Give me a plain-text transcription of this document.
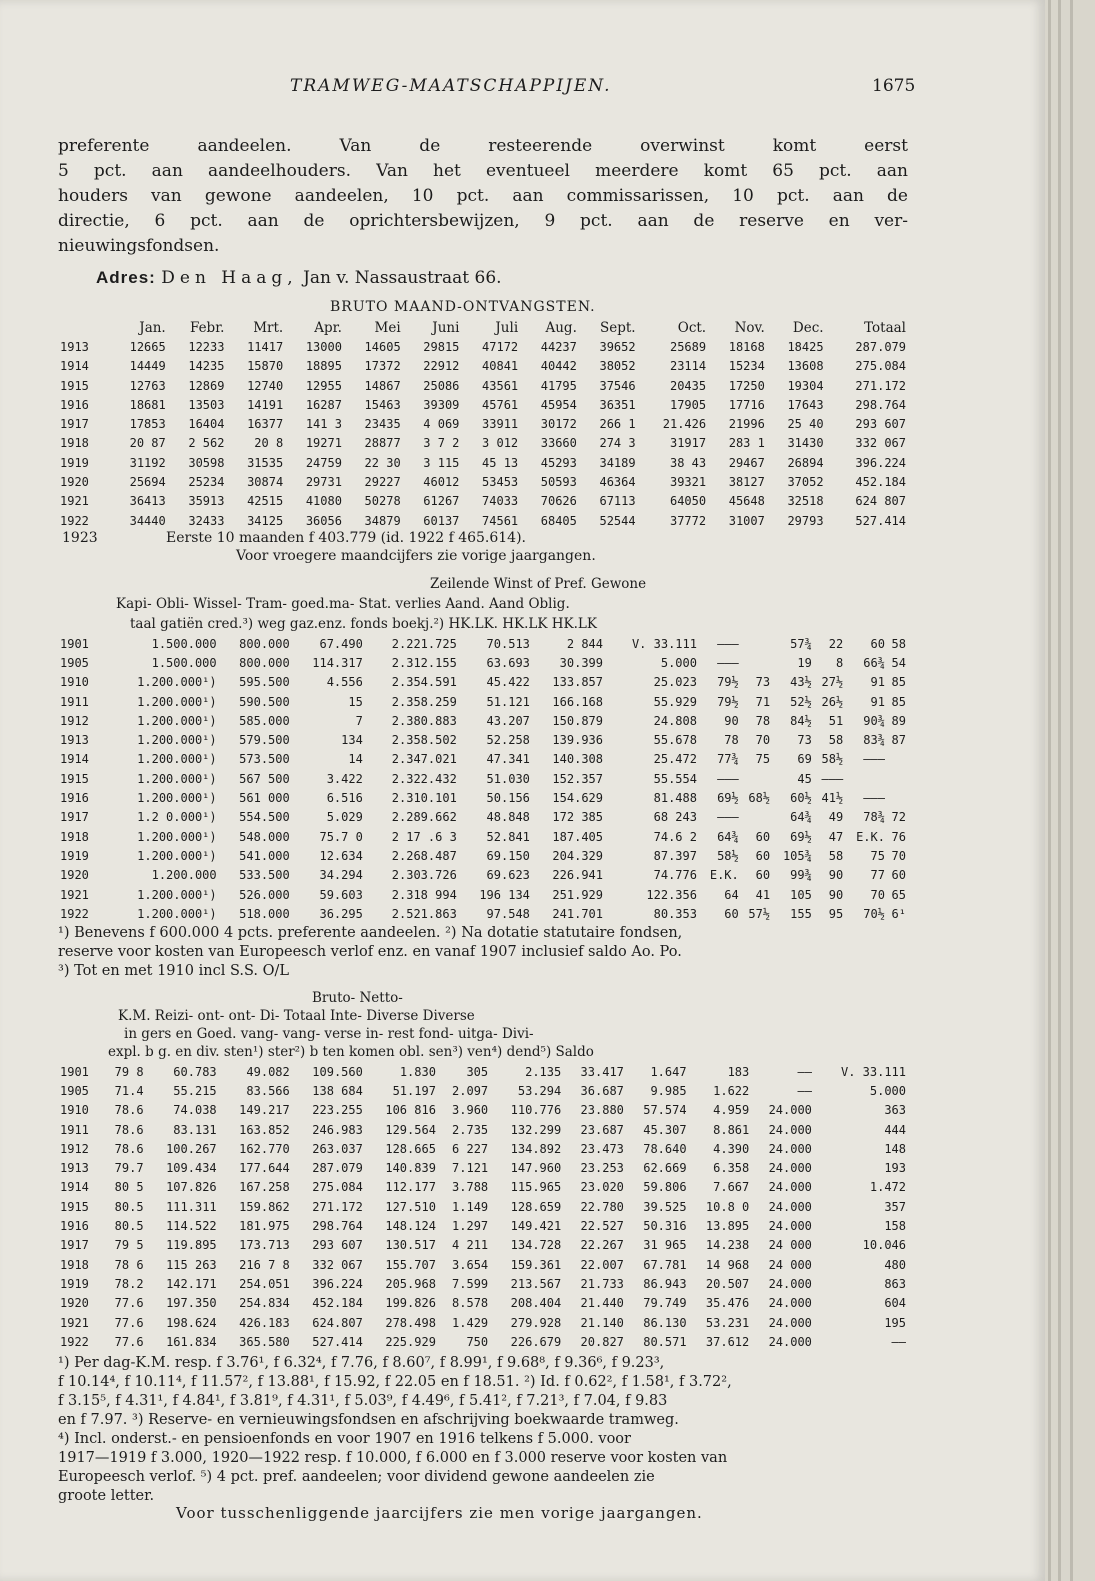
TRAMWEG-MAATSCHAPPIJEN.	1675
preferente aandeelen. Van de resteerende overwinst komt eerst
5 pct. aan aandeelhouders. Van het eventueel meerdere komt 65 pct. aan
houders van gewone aandeelen, 10 pct. aan commissarissen, 10 pct. aan de
directie, 6 pct. aan de oprichtersbewijzen, 9 pct. aan de reserve en ver-
nieuwingsfondsen.
Adres: Den Haag, Jan v. Nassaustraat 66.
BRUTO MAAND-ONTVANGSTEN.
	Jan.	Febr.	Mrt.	Apr.	Mei	Juni	Juli	Aug.	Sept.	Oct.	Nov.	Dec.	Totaal
1913	12665	12233	11417	13000	14605	29815	47172	44237	39652	25689	18168	18425	287.079
1914	14449	14235	15870	18895	17372	22912	40841	40442	38052	23114	15234	13608	275.084
1915	12763	12869	12740	12955	14867	25086	43561	41795	37546	20435	17250	19304	271.172
1916	18681	13503	14191	16287	15463	39309	45761	45954	36351	17905	17716	17643	298.764
1917	17853	16404	16377	141 3	23435	4 069	33911	30172	266 1	21.426	21996	25 40	293 607
1918	20 87	2 562	20 8	19271	28877	3 7 2	3 012	33660	274 3	31917	283 1	31430	332 067
1919	31192	30598	31535	24759	22 30	3 115	45 13	45293	34189	38 43	29467	26894	396.224
1920	25694	25234	30874	29731	29227	46012	53453	50593	46364	39321	38127	37052	452.184
1921	36413	35913	42515	41080	50278	61267	74033	70626	67113	64050	45648	32518	624 807
1922	34440	32433	34125	36056	34879	60137	74561	68405	52544	37772	31007	29793	527.414
1923	Eerste 10 maanden f 403.779 (id. 1922 f 465.614).
Voor vroegere maandcijfers zie vorige jaargangen.
Zeilende Winst of Pref. Gewone
Kapi- Obli- Wissel- Tram- goed.ma- Stat. verlies Aand. Aand Oblig.
taal gatiën cred.³) weg gaz.enz. fonds boekj.²) HK.LK. HK.LK HK.LK
1901	1.500.000	800.000	67.490	2.221.725	70.513	2 844	V. 33.111	———		57¾	22	60	58
1905	1.500.000	800.000	114.317	2.312.155	63.693	30.399	5.000	———		19	8	66¾	54
1910	1.200.000¹)	595.500	4.556	2.354.591	45.422	133.857	25.023	79½	73	43½	27½	91	85
1911	1.200.000¹)	590.500	15	2.358.259	51.121	166.168	55.929	79½	71	52½	26½	91	85
1912	1.200.000¹)	585.000	7	2.380.883	43.207	150.879	24.808	90	78	84½	51	90¾	89
1913	1.200.000¹)	579.500	134	2.358.502	52.258	139.936	55.678	78	70	73	58	83¾	87
1914	1.200.000¹)	573.500	14	2.347.021	47.341	140.308	25.472	77¾	75	69	58½	———	
1915	1.200.000¹)	567 500	3.422	2.322.432	51.030	152.357	55.554	———		45	———		
1916	1.200.000¹)	561 000	6.516	2.310.101	50.156	154.629	81.488	69½	68½	60½	41½	———	
1917	1.2 0.000¹)	554.500	5.029	2.289.662	48.848	172 385	68 243	———		64¾	49	78¾	72
1918	1.200.000¹)	548.000	75.7 0	2 17 .6 3	52.841	187.405	74.6 2	64¾	60	69½	47	E.K.	76
1919	1.200.000¹)	541.000	12.634	2.268.487	69.150	204.329	87.397	58½	60	105¾	58	75	70
1920	1.200.000	533.500	34.294	2.303.726	69.623	226.941	74.776	E.K.	60	99¾	90	77	60
1921	1.200.000¹)	526.000	59.603	2.318 994	196 134	251.929	122.356	64	41	105	90	70	65
1922	1.200.000¹)	518.000	36.295	2.521.863	97.548	241.701	80.353	60	57½	155	95	70½	6¹
¹) Benevens f 600.000 4 pcts. preferente aandeelen. ²) Na dotatie statutaire fondsen,
reserve voor kosten van Europeesch verlof enz. en vanaf 1907 inclusief saldo Ao. Po.
³) Tot en met 1910 incl S.S. O/L
Bruto- Netto-
K.M. Reizi- ont- ont- Di- Totaal Inte- Diverse Diverse
in gers en Goed. vang- vang- verse in- rest fond- uitga- Divi-
expl. b g. en div. sten¹) ster²) b ten komen obl. sen³) ven⁴) dend⁵) Saldo
1901	79 8	60.783	49.082	109.560	1.830	305	2.135	33.417	1.647	183	——	V. 33.111
1905	71.4	55.215	83.566	138 684	51.197	2.097	53.294	36.687	9.985	1.622	——	5.000
1910	78.6	74.038	149.217	223.255	106 816	3.960	110.776	23.880	57.574	4.959	24.000	363
1911	78.6	83.131	163.852	246.983	129.564	2.735	132.299	23.687	45.307	8.861	24.000	444
1912	78.6	100.267	162.770	263.037	128.665	6 227	134.892	23.473	78.640	4.390	24.000	148
1913	79.7	109.434	177.644	287.079	140.839	7.121	147.960	23.253	62.669	6.358	24.000	193
1914	80 5	107.826	167.258	275.084	112.177	3.788	115.965	23.020	59.806	7.667	24.000	1.472
1915	80.5	111.311	159.862	271.172	127.510	1.149	128.659	22.780	39.525	10.8 0	24.000	357
1916	80.5	114.522	181.975	298.764	148.124	1.297	149.421	22.527	50.316	13.895	24.000	158
1917	79 5	119.895	173.713	293 607	130.517	4 211	134.728	22.267	31 965	14.238	24 000	10.046
1918	78 6	115 263	216 7 8	332 067	155.707	3.654	159.361	22.007	67.781	14 968	24 000	480
1919	78.2	142.171	254.051	396.224	205.968	7.599	213.567	21.733	86.943	20.507	24.000	863
1920	77.6	197.350	254.834	452.184	199.826	8.578	208.404	21.440	79.749	35.476	24.000	604
1921	77.6	198.624	426.183	624.807	278.498	1.429	279.928	21.140	86.130	53.231	24.000	195
1922	77.6	161.834	365.580	527.414	225.929	750	226.679	20.827	80.571	37.612	24.000	——
¹) Per dag-K.M. resp. f 3.76¹, f 6.32⁴, f 7.76, f 8.60⁷, f 8.99¹, f 9.68⁸, f 9.36⁶, f 9.23³,
f 10.14⁴, f 10.11⁴, f 11.57², f 13.88¹, f 15.92, f 22.05 en f 18.51. ²) Id. f 0.62², f 1.58¹, f 3.72²,
f 3.15⁵, f 4.31¹, f 4.84¹, f 3.81⁹, f 4.31¹, f 5.03⁹, f 4.49⁶, f 5.41², f 7.21³, f 7.04, f 9.83
en f 7.97. ³) Reserve- en vernieuwingsfondsen en afschrijving boekwaarde tramweg.
⁴) Incl. onderst.- en pensioenfonds en voor 1907 en 1916 telkens f 5.000. voor
1917—1919 f 3.000, 1920—1922 resp. f 10.000, f 6.000 en f 3.000 reserve voor kosten van
Europeesch verlof. ⁵) 4 pct. pref. aandeelen; voor dividend gewone aandeelen zie
groote letter.
Voor tusschenliggende jaarcijfers zie men vorige jaargangen.
